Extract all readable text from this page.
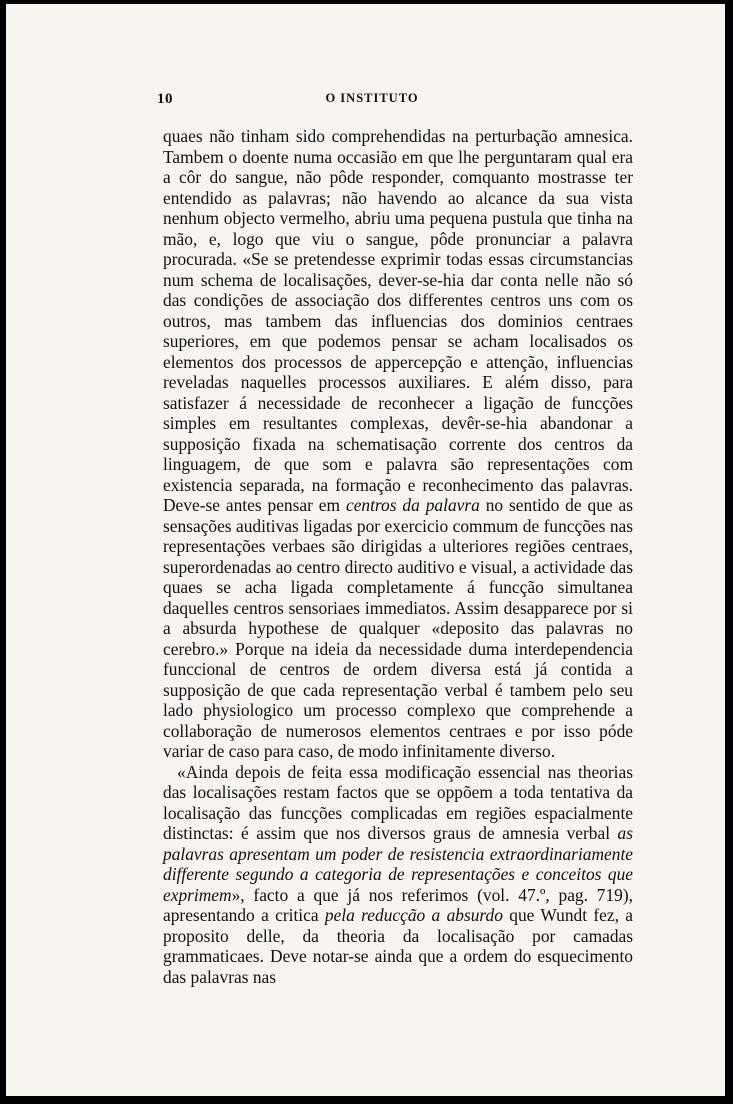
10	O INSTITUTO

quaes não tinham sido comprehendidas na perturbação amnesica. Tambem o doente numa occasião em que lhe perguntaram qual era a côr do sangue, não pôde responder, comquanto mostrasse ter entendido as palavras; não havendo ao alcance da sua vista nenhum objecto vermelho, abriu uma pequena pustula que tinha na mão, e, logo que viu o sangue, pôde pronunciar a palavra procurada. «Se se pretendesse exprimir todas essas circumstancias num schema de localisações, dever-se-hia dar conta nelle não só das condições de associação dos differentes centros uns com os outros, mas tambem das influencias dos dominios centraes superiores, em que podemos pensar se acham localisados os elementos dos processos de appercepção e attenção, influencias reveladas naquelles processos auxiliares. E além disso, para satisfazer á necessidade de reconhecer a ligação de funcções simples em resultantes complexas, devêr-se-hia abandonar a supposição fixada na schematisação corrente dos centros da linguagem, de que som e palavra são representações com existencia separada, na formação e reconhecimento das palavras. Deve-se antes pensar em centros da palavra no sentido de que as sensações auditivas ligadas por exercicio commum de funcções nas representações verbaes são dirigidas a ulteriores regiões centraes, superordenadas ao centro directo auditivo e visual, a actividade das quaes se acha ligada completamente á funcção simultanea daquelles centros sensoriaes immediatos. Assim desapparece por si a absurda hypothese de qualquer «deposito das palavras no cerebro.» Porque na ideia da necessidade duma interdependencia funccional de centros de ordem diversa está já contida a supposição de que cada representação verbal é tambem pelo seu lado physiologico um processo complexo que comprehende a collaboração de numerosos elementos centraes e por isso póde variar de caso para caso, de modo infinitamente diverso.

«Ainda depois de feita essa modificação essencial nas theorias das localisações restam factos que se oppõem a toda tentativa da localisação das funcções complicadas em regiões espacialmente distinctas: é assim que nos diversos graus de amnesia verbal as palavras apresentam um poder de resistencia extraordinariamente differente segundo a categoria de representações e conceitos que exprimem», facto a que já nos referimos (vol. 47.º, pag. 719), apresentando a critica pela reducção a absurdo que Wundt fez, a proposito delle, da theoria da localisação por camadas grammaticaes. Deve notar-se ainda que a ordem do esquecimento das palavras nas
